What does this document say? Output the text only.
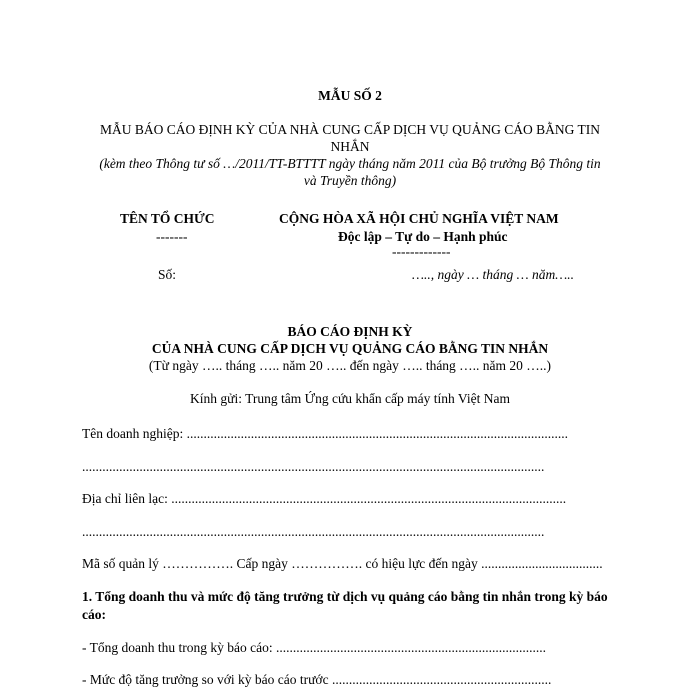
MẪU SỐ 2
MẪU BÁO CÁO ĐỊNH KỲ CỦA NHÀ CUNG CẤP DỊCH VỤ QUẢNG CÁO BẰNG TIN
NHẮN
(kèm theo Thông tư số …/2011/TT-BTTTT ngày tháng năm 2011 của Bộ trưởng Bộ Thông tin
và Truyền thông)
TÊN TỔ CHỨC
-------
Số:
CỘNG HÒA XÃ HỘI CHỦ NGHĨA VIỆT NAM
Độc lập – Tự do – Hạnh phúc
-------------
….., ngày … tháng … năm…..
BÁO CÁO ĐỊNH KỲ
CỦA NHÀ CUNG CẤP DỊCH VỤ QUẢNG CÁO BẰNG TIN NHẮN
(Từ ngày ….. tháng ….. năm 20 ….. đến ngày ….. tháng ….. năm 20 …..)
Kính gửi: Trung tâm Ứng cứu khẩn cấp máy tính Việt Nam
Tên doanh nghiệp: .................................................................................................................
.........................................................................................................................................
Địa chỉ liên lạc: .....................................................................................................................
.........................................................................................................................................
Mã số quản lý ……………. Cấp ngày ……………. có hiệu lực đến ngày ....................................
1. Tổng doanh thu và mức độ tăng trưởng từ dịch vụ quảng cáo bằng tin nhắn trong kỳ báo
cáo:
- Tổng doanh thu trong kỳ báo cáo: ................................................................................
- Mức độ tăng trưởng so với kỳ báo cáo trước .................................................................
